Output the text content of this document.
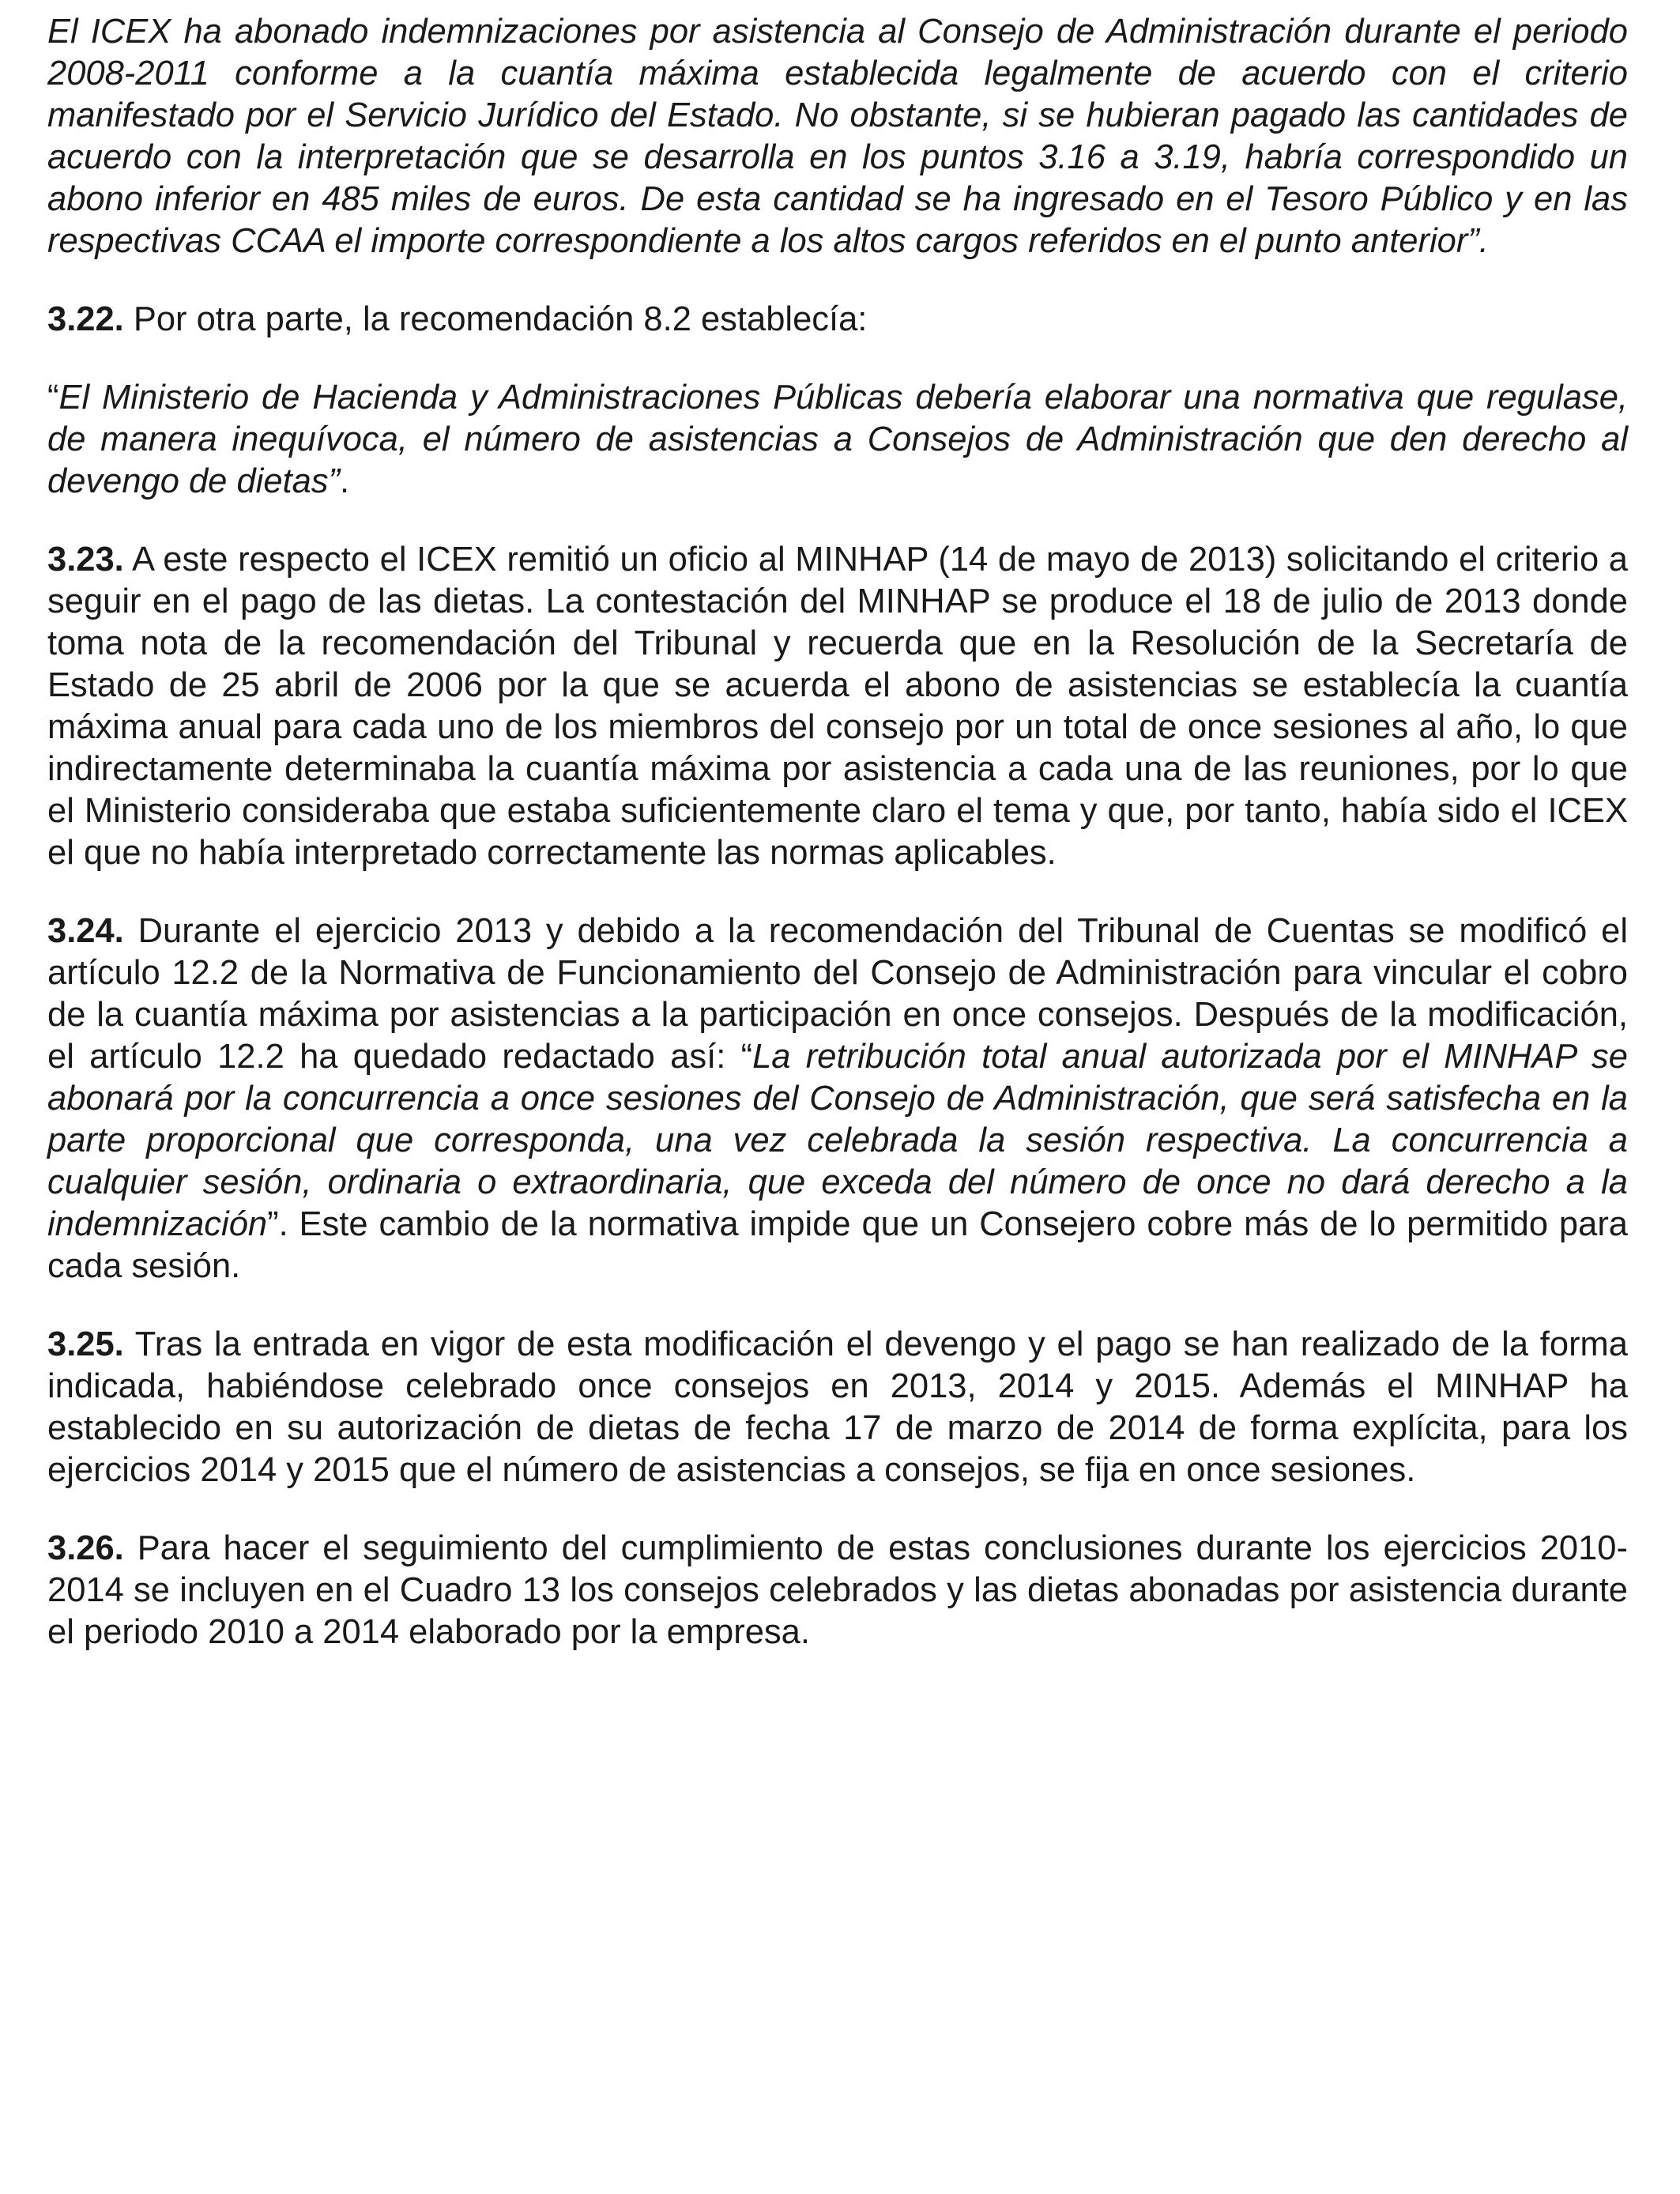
El ICEX ha abonado indemnizaciones por asistencia al Consejo de Administración durante el periodo 2008-2011 conforme a la cuantía máxima establecida legalmente de acuerdo con el criterio manifestado por el Servicio Jurídico del Estado. No obstante, si se hubieran pagado las cantidades de acuerdo con la interpretación que se desarrolla en los puntos 3.16 a 3.19, habría correspondido un abono inferior en 485 miles de euros. De esta cantidad se ha ingresado en el Tesoro Público y en las respectivas CCAA el importe correspondiente a los altos cargos referidos en el punto anterior”.

3.22. Por otra parte, la recomendación 8.2 establecía:

“El Ministerio de Hacienda y Administraciones Públicas debería elaborar una normativa que regulase, de manera inequívoca, el número de asistencias a Consejos de Administración que den derecho al devengo de dietas”.

3.23. A este respecto el ICEX remitió un oficio al MINHAP (14 de mayo de 2013) solicitando el criterio a seguir en el pago de las dietas. La contestación del MINHAP se produce el 18 de julio de 2013 donde toma nota de la recomendación del Tribunal y recuerda que en la Resolución de la Secretaría de Estado de 25 abril de 2006 por la que se acuerda el abono de asistencias se establecía la cuantía máxima anual para cada uno de los miembros del consejo por un total de once sesiones al año, lo que indirectamente determinaba la cuantía máxima por asistencia a cada una de las reuniones, por lo que el Ministerio consideraba que estaba suficientemente claro el tema y que, por tanto, había sido el ICEX el que no había interpretado correctamente las normas aplicables.

3.24. Durante el ejercicio 2013 y debido a la recomendación del Tribunal de Cuentas se modificó el artículo 12.2 de la Normativa de Funcionamiento del Consejo de Administración para vincular el cobro de la cuantía máxima por asistencias a la participación en once consejos. Después de la modificación, el artículo 12.2 ha quedado redactado así: “La retribución total anual autorizada por el MINHAP se abonará por la concurrencia a once sesiones del Consejo de Administración, que será satisfecha en la parte proporcional que corresponda, una vez celebrada la sesión respectiva. La concurrencia a cualquier sesión, ordinaria o extraordinaria, que exceda del número de once no dará derecho a la indemnización”. Este cambio de la normativa impide que un Consejero cobre más de lo permitido para cada sesión.

3.25. Tras la entrada en vigor de esta modificación el devengo y el pago se han realizado de la forma indicada, habiéndose celebrado once consejos en 2013, 2014 y 2015. Además el MINHAP ha establecido en su autorización de dietas de fecha 17 de marzo de 2014 de forma explícita, para los ejercicios 2014 y 2015 que el número de asistencias a consejos, se fija en once sesiones.

3.26. Para hacer el seguimiento del cumplimiento de estas conclusiones durante los ejercicios 2010-2014 se incluyen en el Cuadro 13 los consejos celebrados y las dietas abonadas por asistencia durante el periodo 2010 a 2014 elaborado por la empresa.
